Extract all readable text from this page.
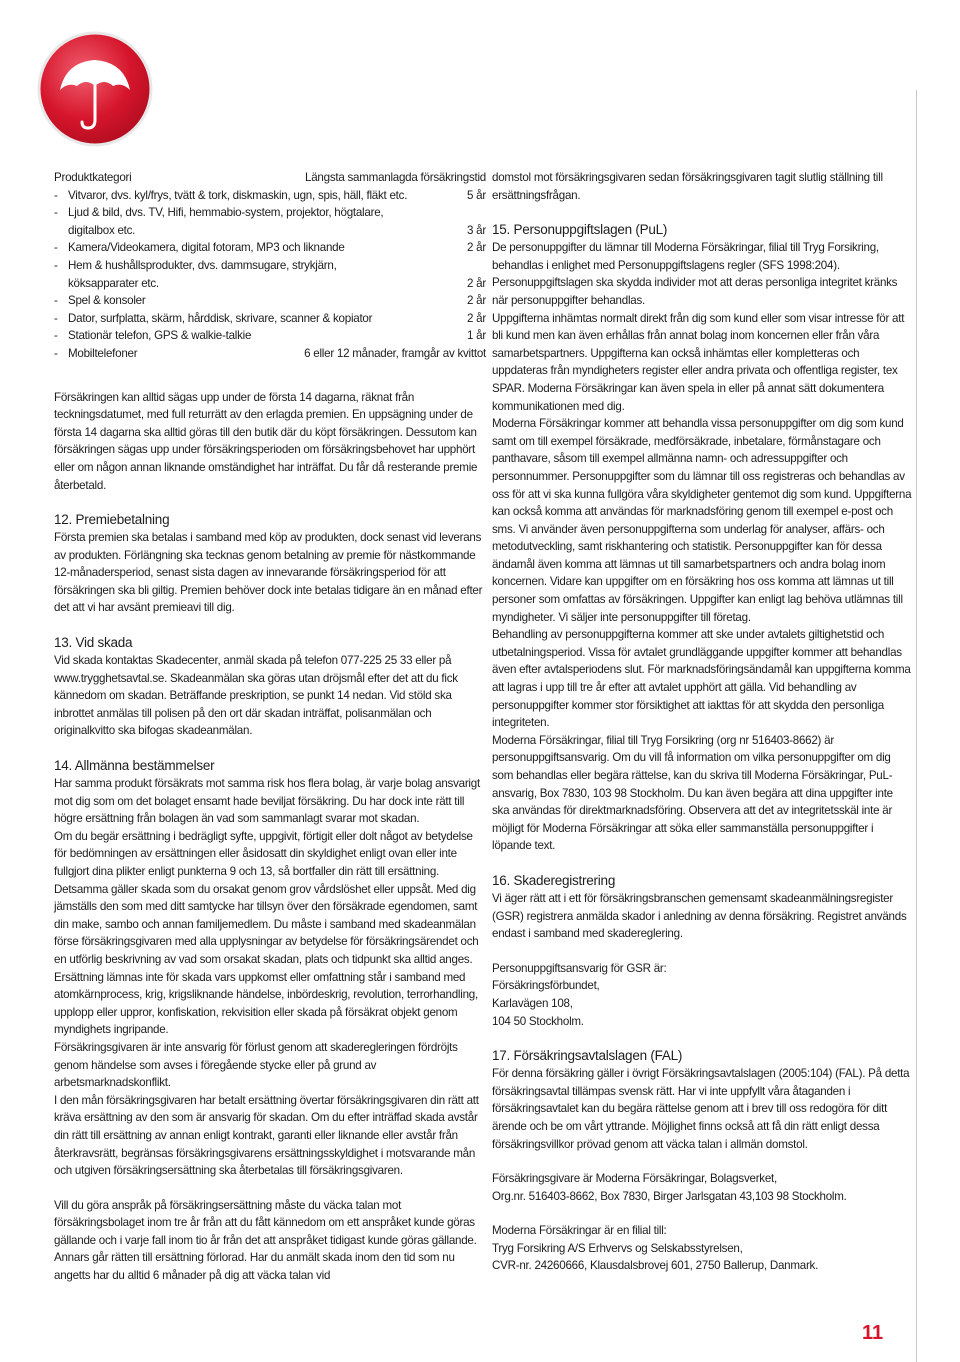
Produktkategori	Längsta sammanlagda försäkringstid
- Vitvaror, dvs. kyl/frys, tvätt & tork, diskmaskin, ugn, spis, häll, fläkt etc.	5 år
- Ljud & bild, dvs. TV, Hifi, hemmabio-system, projektor, högtalare,
digitalbox etc.	3 år
- Kamera/Videokamera, digital fotoram, MP3 och liknande	2 år
- Hem & hushållsprodukter, dvs. dammsugare, strykjärn,
köksapparater etc.	2 år
- Spel & konsoler	2 år
- Dator, surfplatta, skärm, hårddisk, skrivare, scanner & kopiator	2 år
- Stationär telefon, GPS & walkie-talkie	1 år
- Mobiltelefoner	6 eller 12 månader, framgår av kvittot

Försäkringen kan alltid sägas upp under de första 14 dagarna, räknat från teckningsdatumet, med full returrätt av den erlagda premien. En uppsägning under de första 14 dagarna ska alltid göras till den butik där du köpt försäkringen. Dessutom kan försäkringen sägas upp under försäkringsperioden om försäkringsbehovet har upphört eller om någon annan liknande omständighet har inträffat. Du får då resterande premie återbetald.

12. Premiebetalning

Första premien ska betalas i samband med köp av produkten, dock senast vid leverans av produkten. Förlängning ska tecknas genom betalning av premie för nästkommande 12-månadersperiod, senast sista dagen av innevarande försäkringsperiod för att försäkringen ska bli giltig. Premien behöver dock inte betalas tidigare än en månad efter det att vi har avsänt premieavi till dig.

13. Vid skada

Vid skada kontaktas Skadecenter, anmäl skada på telefon 077-225 25 33 eller på www.trygghetsavtal.se. Skadeanmälan ska göras utan dröjsmål efter det att du fick kännedom om skadan. Beträffande preskription, se punkt 14 nedan. Vid stöld ska inbrottet anmälas till polisen på den ort där skadan inträffat, polisanmälan och originalkvitto ska bifogas skadeanmälan.

14. Allmänna bestämmelser

Har samma produkt försäkrats mot samma risk hos flera bolag, är varje bolag ansvarigt mot dig som om det bolaget ensamt hade beviljat försäkring. Du har dock inte rätt till högre ersättning från bolagen än vad som sammanlagt svarar mot skadan.

Om du begär ersättning i bedrägligt syfte, uppgivit, förtigit eller dolt något av betydelse för bedömningen av ersättningen eller åsidosatt din skyldighet enligt ovan eller inte fullgjort dina plikter enligt punkterna 9 och 13, så bortfaller din rätt till ersättning. Detsamma gäller skada som du orsakat genom grov vårdslöshet eller uppsåt. Med dig jämställs den som med ditt samtycke har tillsyn över den försäkrade egendomen, samt din make, sambo och annan familjemedlem. Du måste i samband med skadeanmälan förse försäkringsgivaren med alla upplysningar av betydelse för försäkringsärendet och en utförlig beskrivning av vad som orsakat skadan, plats och tidpunkt ska alltid anges.

Ersättning lämnas inte för skada vars uppkomst eller omfattning står i samband med atomkärnprocess, krig, krigsliknande händelse, inbördeskrig, revolution, terrorhandling, upplopp eller uppror, konfiskation, rekvisition eller skada på försäkrat objekt genom myndighets ingripande.

Försäkringsgivaren är inte ansvarig för förlust genom att skaderegleringen fördröjts genom händelse som avses i föregående stycke eller på grund av arbetsmarknadskonflikt.

I den mån försäkringsgivaren har betalt ersättning övertar försäkringsgivaren din rätt att kräva ersättning av den som är ansvarig för skadan. Om du efter inträffad skada avstår din rätt till ersättning av annan enligt kontrakt, garanti eller liknande eller avstår från återkravsrätt, begränsas försäkringsgivarens ersättningsskyldighet i motsvarande mån och utgiven försäkringsersättning ska återbetalas till försäkringsgivaren.

Vill du göra anspråk på försäkringsersättning måste du väcka talan mot försäkringsbolaget inom tre år från att du fått kännedom om ett anspråket kunde göras gällande och i varje fall inom tio år från det att anspråket tidigast kunde göras gällande. Annars går rätten till ersättning förlorad. Har du anmält skada inom den tid som nu angetts har du alltid 6 månader på dig att väcka talan vid

domstol mot försäkringsgivaren sedan försäkringsgivaren tagit slutlig ställning till ersättningsfrågan.

15. Personuppgiftslagen (PuL)

De personuppgifter du lämnar till Moderna Försäkringar, filial till Tryg Forsikring, behandlas i enlighet med Personuppgiftslagens regler (SFS 1998:204). Personuppgiftslagen ska skydda individer mot att deras personliga integritet kränks när personuppgifter behandlas.

Uppgifterna inhämtas normalt direkt från dig som kund eller som visar intresse för att bli kund men kan även erhållas från annat bolag inom koncernen eller från våra samarbetspartners. Uppgifterna kan också inhämtas eller kompletteras och uppdateras från myndigheters register eller andra privata och offentliga register, tex SPAR. Moderna Försäkringar kan även spela in eller på annat sätt dokumentera kommunikationen med dig.

Moderna Försäkringar kommer att behandla vissa personuppgifter om dig som kund samt om till exempel försäkrade, medförsäkrade, inbetalare, förmånstagare och panthavare, såsom till exempel allmänna namn- och adressuppgifter och personnummer. Personuppgifter som du lämnar till oss registreras och behandlas av oss för att vi ska kunna fullgöra våra skyldigheter gentemot dig som kund. Uppgifterna kan också komma att användas för marknadsföring genom till exempel e-post och sms. Vi använder även personuppgifterna som underlag för analyser, affärs- och metodutveckling, samt riskhantering och statistik. Personuppgifter kan för dessa ändamål även komma att lämnas ut till samarbetspartners och andra bolag inom koncernen. Vidare kan uppgifter om en försäkring hos oss komma att lämnas ut till personer som omfattas av försäkringen. Uppgifter kan enligt lag behöva utlämnas till myndigheter. Vi säljer inte personuppgifter till företag.

Behandling av personuppgifterna kommer att ske under avtalets giltighetstid och utbetalningsperiod. Vissa för avtalet grundläggande uppgifter kommer att behandlas även efter avtalsperiodens slut. För marknadsföringsändamål kan uppgifterna komma att lagras i upp till tre år efter att avtalet upphört att gälla. Vid behandling av personuppgifter kommer stor försiktighet att iakttas för att skydda den personliga integriteten.

Moderna Försäkringar, filial till Tryg Forsikring (org nr 516403-8662) är personuppgiftsansvarig. Om du vill få information om vilka personuppgifter om dig som behandlas eller begära rättelse, kan du skriva till Moderna Försäkringar, PuL-ansvarig, Box 7830, 103 98 Stockholm. Du kan även begära att dina uppgifter inte ska användas för direktmarknadsföring. Observera att det av integritetsskäl inte är möjligt för Moderna Försäkringar att söka eller sammanställa personuppgifter i löpande text.

16. Skaderegistrering

Vi äger rätt att i ett för försäkringsbranschen gemensamt skadeanmälningsregister (GSR) registrera anmälda skador i anledning av denna försäkring. Registret används endast i samband med skadereglering.

Personuppgiftsansvarig för GSR är:

Försäkringsförbundet,

Karlavägen 108,

104 50 Stockholm.

17. Försäkringsavtalslagen (FAL)

För denna försäkring gäller i övrigt Försäkringsavtalslagen (2005:104) (FAL). På detta försäkringsavtal tillämpas svensk rätt. Har vi inte uppfyllt våra åtaganden i försäkringsavtalet kan du begära rättelse genom att i brev till oss redogöra för ditt ärende och be om vårt yttrande. Möjlighet finns också att få din rätt enligt dessa försäkringsvillkor prövad genom att väcka talan i allmän domstol.

Försäkringsgivare är Moderna Försäkringar, Bolagsverket,

Org.nr. 516403-8662, Box 7830, Birger Jarlsgatan 43,103 98 Stockholm.

Moderna Försäkringar är en filial till:

Tryg Forsikring A/S Erhvervs og Selskabsstyrelsen,

CVR-nr. 24260666, Klausdalsbrovej 601, 2750 Ballerup, Danmark.

11
